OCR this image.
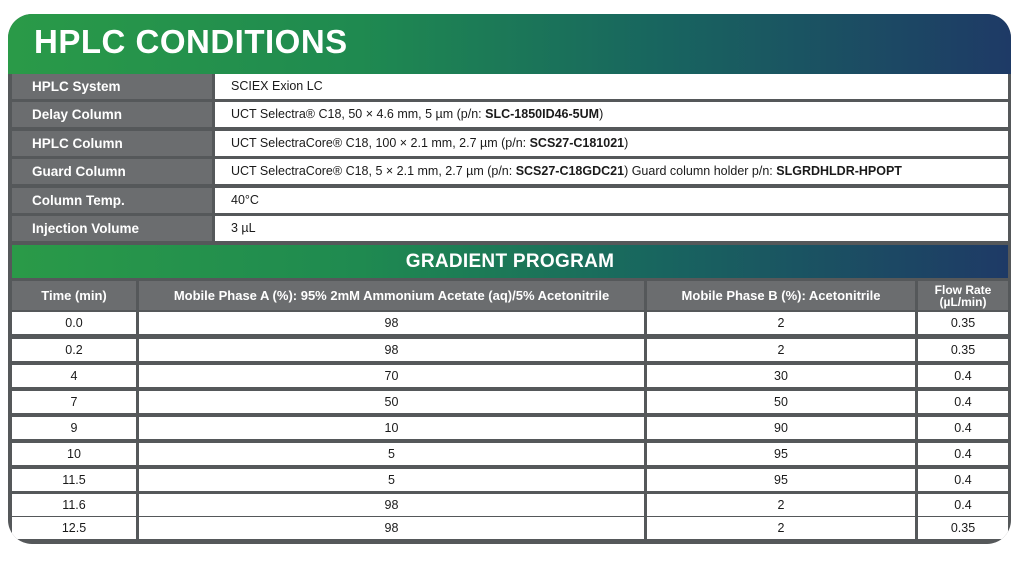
HPLC CONDITIONS
HPLC System	SCIEX Exion LC
Delay Column	UCT Selectra® C18, 50 × 4.6 mm, 5 µm (p/n: SLC-1850ID46-5UM)
HPLC Column	UCT SelectraCore® C18, 100 × 2.1 mm, 2.7 µm (p/n: SCS27-C181021)
Guard Column	UCT SelectraCore® C18, 5 × 2.1 mm, 2.7 µm (p/n: SCS27-C18GDC21) Guard column holder p/n: SLGRDHLDR-HPOPT
Column Temp.	40°C
Injection Volume	3 µL
GRADIENT PROGRAM
Time (min)	Mobile Phase A (%): 95% 2mM Ammonium Acetate (aq)/5% Acetonitrile	Mobile Phase B (%): Acetonitrile	Flow Rate
(µL/min)
0.0	98	2	0.35
0.2	98	2	0.35
4	70	30	0.4
7	50	50	0.4
9	10	90	0.4
10	5	95	0.4
11.5	5	95	0.4
11.6	98	2	0.4
12.5	98	2	0.35
